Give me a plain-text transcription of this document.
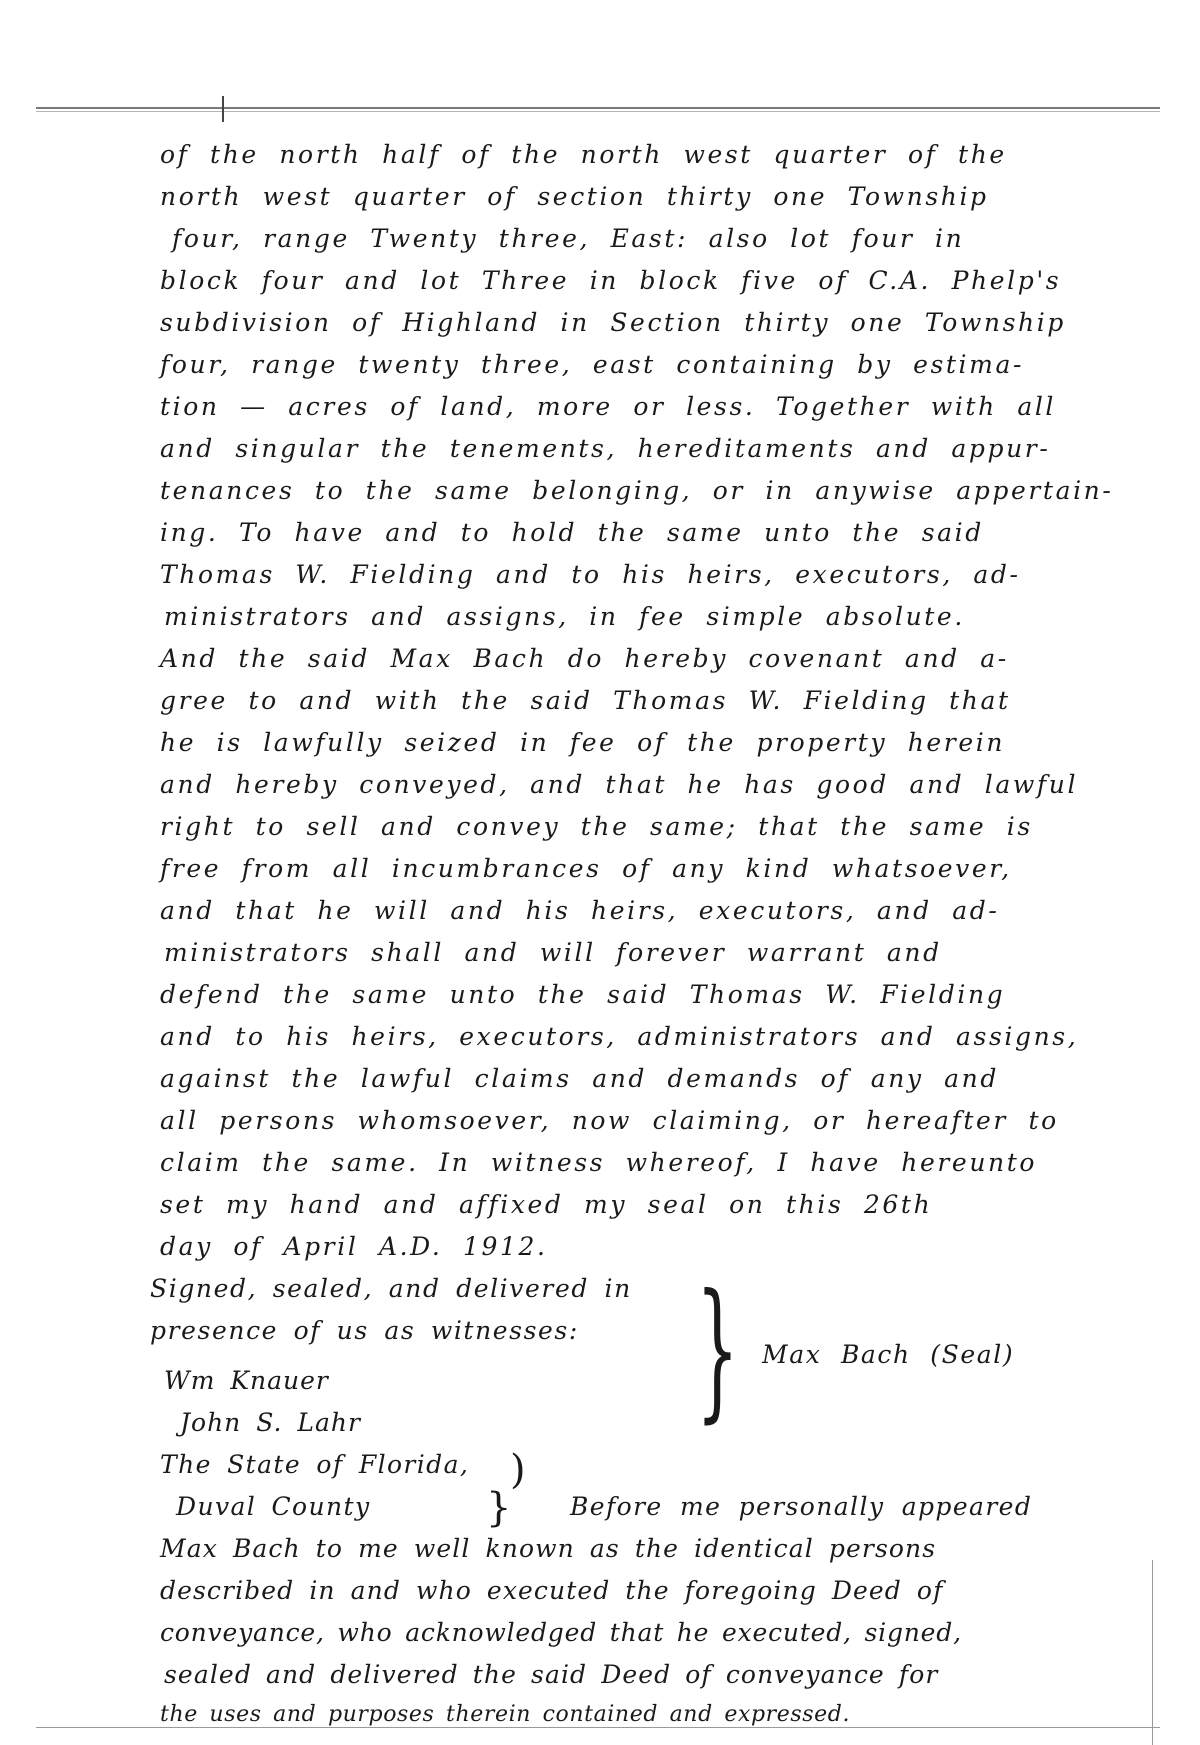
of the north half of the north west quarter of the

north west quarter of section thirty one Township

four, range Twenty three, East: also lot four in

block four and lot Three in block five of C.A. Phelp's

subdivision of Highland in Section thirty one Township

four, range twenty three, east containing by estima-

tion — acres of land, more or less. Together with all

and singular the tenements, hereditaments and appur-

tenances to the same belonging, or in anywise appertain-

ing. To have and to hold the same unto the said

Thomas W. Fielding and to his heirs, executors, ad-

ministrators and assigns, in fee simple absolute.

And the said Max Bach do hereby covenant and a-

gree to and with the said Thomas W. Fielding that

he is lawfully seized in fee of the property herein

and hereby conveyed, and that he has good and lawful

right to sell and convey the same; that the same is

free from all incumbrances of any kind whatsoever,

and that he will and his heirs, executors, and ad-

ministrators shall and will forever warrant and

defend the same unto the said Thomas W. Fielding

and to his heirs, executors, administrators and assigns,

against the lawful claims and demands of any and

all persons whomsoever, now claiming, or hereafter to

claim the same. In witness whereof, I have hereunto

set my hand and affixed my seal on this 26th

day of April A.D. 1912.

Signed, sealed, and delivered in

presence of us as witnesses:

Wm Knauer

John S. Lahr } Max Bach (Seal)

The State of Florida, )

Duval County	} Before me personally appeared

Max Bach to me well known as the identical persons

described in and who executed the foregoing Deed of

conveyance, who acknowledged that he executed, signed,

sealed and delivered the said Deed of conveyance for

the uses and purposes therein contained and expressed.
